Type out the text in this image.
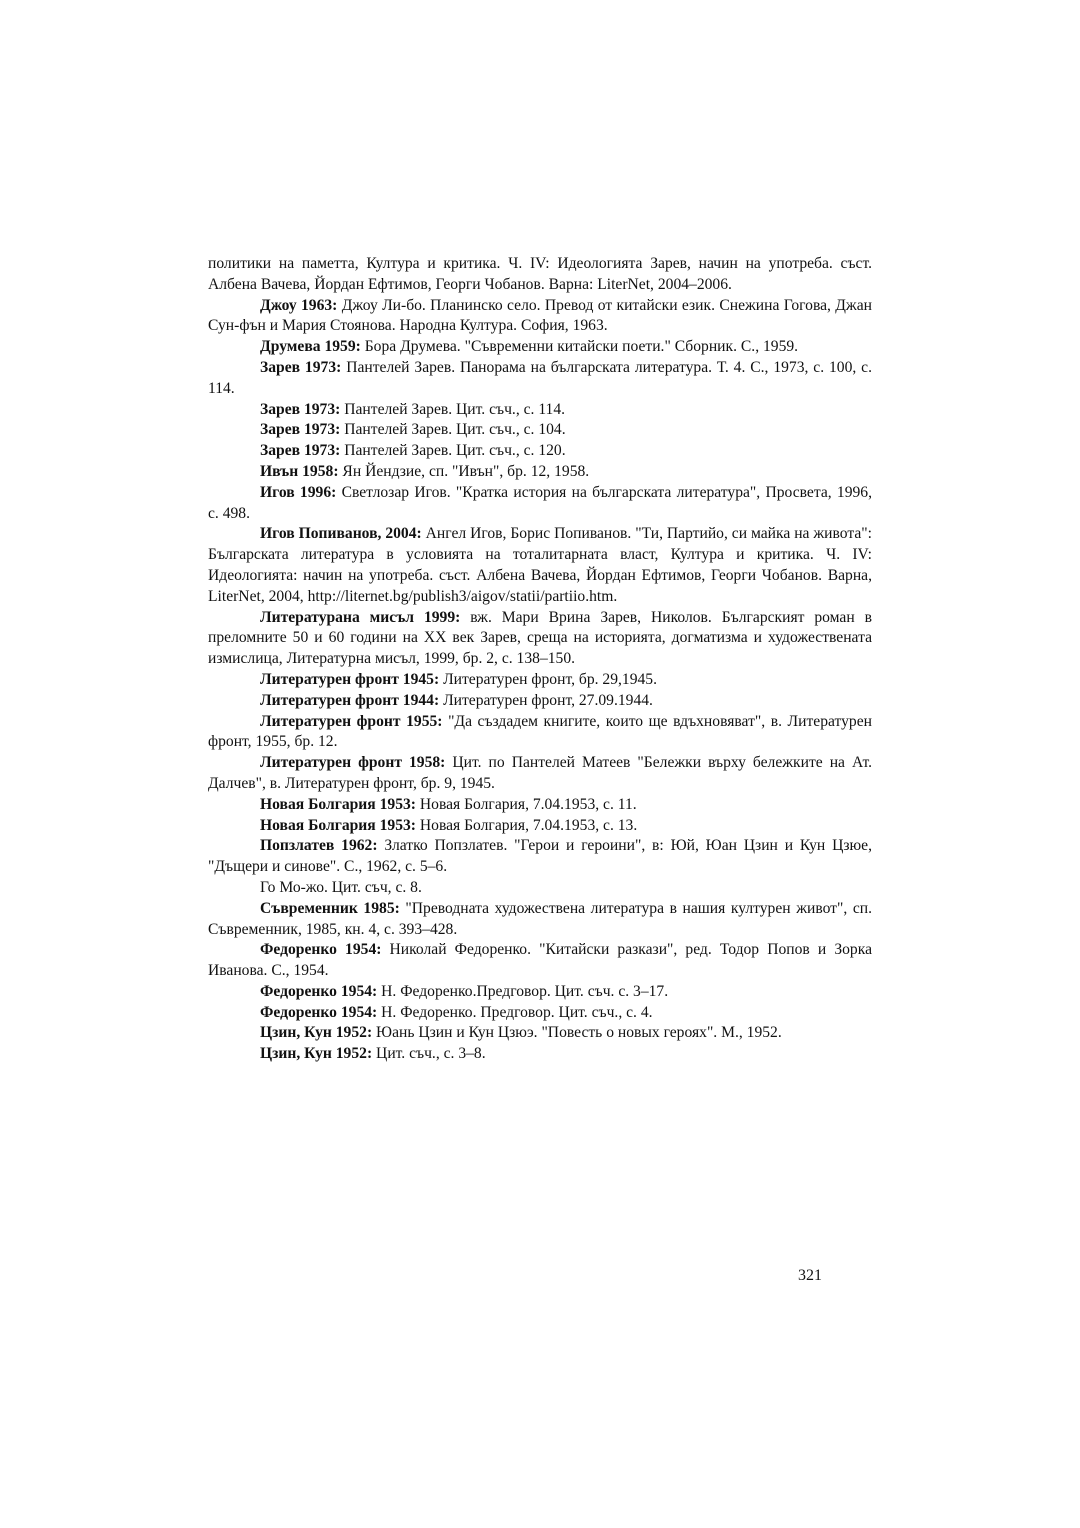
политики на паметта, Култура и критика. Ч. IV: Идеологията Зарев, начин на употреба. съст. Албена Вачева, Йордан Ефтимов, Георги Чобанов. Варна: LiterNet, 2004–2006.

Джоу 1963: Джоу Ли-бо. Планинско село. Превод от китайски език. Снежина Гогова, Джан Сун-фън и Мария Стоянова. Народна Култура. София, 1963.

Друмева 1959: Бора Друмева. "Съвременни китайски поети." Сборник. С., 1959.

Зарев 1973: Пантелей Зарев. Панорама на българската литература. Т. 4. С., 1973, с. 100, с. 114.

Зарев 1973: Пантелей Зарев. Цит. съч., с. 114.

Зарев 1973: Пантелей Зарев. Цит. съч., с. 104.

Зарев 1973: Пантелей Зарев. Цит. съч., с. 120.

Ивън 1958: Ян Йендзие, сп. "Ивън", бр. 12, 1958.

Игов 1996: Светлозар Игов. "Кратка история на българската литература", Просвета, 1996, с. 498.

Игов Попиванов, 2004: Ангел Игов, Борис Попиванов. "Ти, Партийо, си майка на живота": Българската литература в условията на тоталитарната власт, Култура и критика. Ч. IV: Идеологията: начин на употреба. съст. Албена Вачева, Йордан Ефтимов, Георги Чобанов. Варна, LiterNet, 2004, http://liternet.bg/publish3/aigov/statii/partiio.htm.

Литературана мисъл 1999: вж. Мари Врина Зарев, Николов. Българският роман в преломните 50 и 60 години на XX век Зарев, среща на историята, догматизма и художествената измислица, Литературна мисъл, 1999, бр. 2, с. 138–150.

Литературен фронт 1945: Литературен фронт, бр. 29,1945.

Литературен фронт 1944: Литературен фронт, 27.09.1944.

Литературен фронт 1955: "Да създадем книгите, които ще вдъхновяват", в. Литературен фронт, 1955, бр. 12.

Литературен фронт 1958: Цит. по Пантелей Матеев "Бележки върху бележките на Ат. Далчев", в. Литературен фронт, бр. 9, 1945.

Новая Болгария 1953: Новая Болгария, 7.04.1953, с. 11.

Новая Болгария 1953: Новая Болгария, 7.04.1953, с. 13.

Попзлатев 1962: Златко Попзлатев. "Герои и героини", в: Юй, Юан Цзин и Кун Цзюе, "Дъщери и синове". С., 1962, с. 5–6.

Го Мо-жо. Цит. съч, с. 8.

Съвременник 1985: "Преводната художествена литература в нашия културен живот", сп. Съвременник, 1985, кн. 4, с. 393–428.

Федоренко 1954: Николай Федоренко. "Китайски разкази", ред. Тодор Попов и Зорка Иванова. С., 1954.

Федоренко 1954: Н. Федоренко.Предговор. Цит. съч. с. 3–17.

Федоренко 1954: Н. Федоренко. Предговор. Цит. съч., с. 4.

Цзин, Кун 1952: Юань Цзин и Кун Цзюэ. "Повесть о новых героях". М., 1952.

Цзин, Кун 1952: Цит. съч., с. 3–8.

321
